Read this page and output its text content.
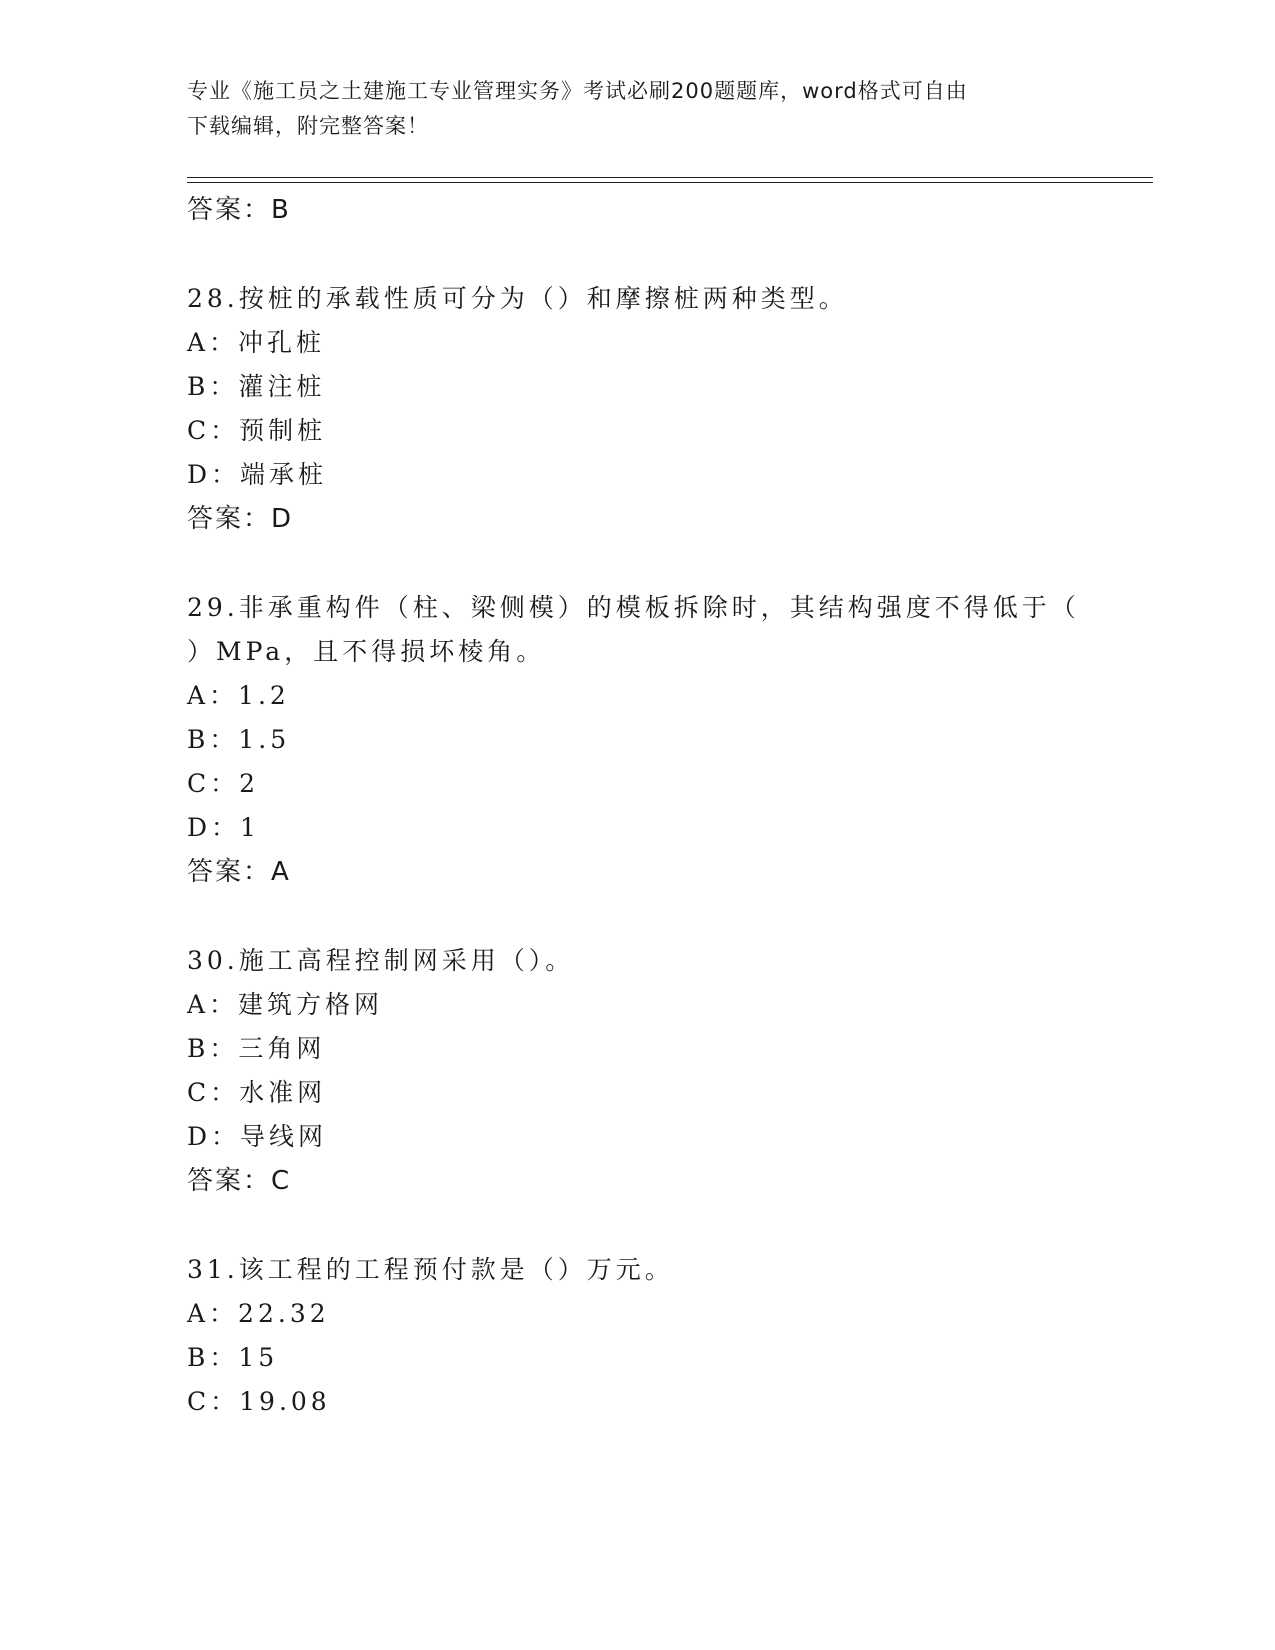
专业《施工员之土建施工专业管理实务》考试必刷200题题库，word格式可自由
下载编辑，附完整答案！
答案：B
28.按桩的承载性质可分为（）和摩擦桩两种类型。
A：冲孔桩
B：灌注桩
C：预制桩
D：端承桩
答案：D
29.非承重构件（柱、梁侧模）的模板拆除时，其结构强度不得低于（
）MPa，且不得损坏棱角。
A：1.2
B：1.5
C：2
D：1
答案：A
30.施工高程控制网采用（）。
A：建筑方格网
B：三角网
C：水准网
D：导线网
答案：C
31.该工程的工程预付款是（）万元。
A：22.32
B：15
C：19.08
